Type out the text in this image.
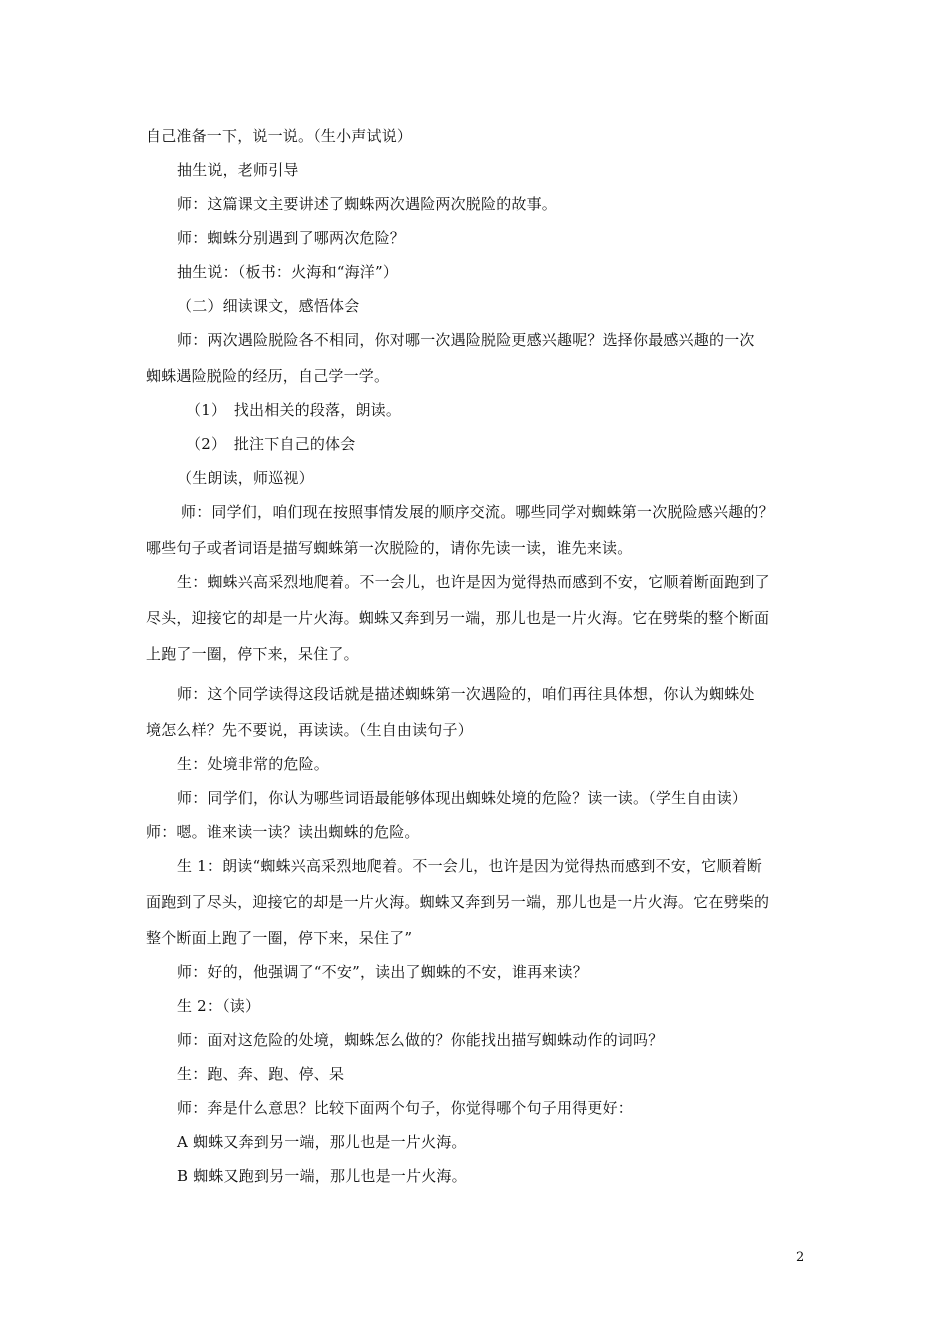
自己准备一下，说一说。（生小声试说）
抽生说，老师引导
师：这篇课文主要讲述了蜘蛛两次遇险两次脱险的故事。
师：蜘蛛分别遇到了哪两次危险？
抽生说：（板书：火海和“海洋”）
（二）细读课文，感悟体会
师：两次遇险脱险各不相同，你对哪一次遇险脱险更感兴趣呢？选择你最感兴趣的一次
蜘蛛遇险脱险的经历，自己学一学。
（1）　找出相关的段落，朗读。
（2）　批注下自己的体会
（生朗读，师巡视）
师：同学们，咱们现在按照事情发展的顺序交流。哪些同学对蜘蛛第一次脱险感兴趣的？
哪些句子或者词语是描写蜘蛛第一次脱险的，请你先读一读，谁先来读。
生：蜘蛛兴高采烈地爬着。不一会儿，也许是因为觉得热而感到不安，它顺着断面跑到了
尽头，迎接它的却是一片火海。蜘蛛又奔到另一端，那儿也是一片火海。它在劈柴的整个断面
上跑了一圈，停下来，呆住了。
师：这个同学读得这段话就是描述蜘蛛第一次遇险的，咱们再往具体想，你认为蜘蛛处
境怎么样？先不要说，再读读。（生自由读句子）
生：处境非常的危险。
师：同学们，你认为哪些词语最能够体现出蜘蛛处境的危险？读一读。（学生自由读）
师：嗯。谁来读一读？读出蜘蛛的危险。
生 1：朗读“蜘蛛兴高采烈地爬着。不一会儿，也许是因为觉得热而感到不安，它顺着断
面跑到了尽头，迎接它的却是一片火海。蜘蛛又奔到另一端，那儿也是一片火海。它在劈柴的
整个断面上跑了一圈，停下来，呆住了”
师：好的，他强调了“不安”，读出了蜘蛛的不安，谁再来读？
生 2：（读）
师：面对这危险的处境，蜘蛛怎么做的？你能找出描写蜘蛛动作的词吗？
生：跑、奔、跑、停、呆
师：奔是什么意思？比较下面两个句子，你觉得哪个句子用得更好：
A 蜘蛛又奔到另一端，那儿也是一片火海。
B 蜘蛛又跑到另一端，那儿也是一片火海。
2
